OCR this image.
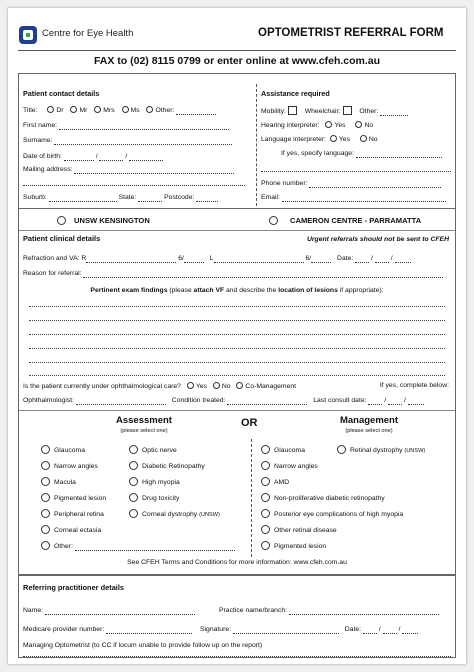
Centre for Eye Health	OPTOMETRIST REFERRAL FORM
FAX to (02) 8115 0799 or enter online at www.cfeh.com.au
Patient contact details
Title:	Dr Mr Mrs Ms Other:
First name:
Surname:
Date of birth:	/	/
Mailing address:
Suburb:	State:	Postcode:
Assistance required
Mobility:	Wheelchair:	Other:
Hearing interpreter: Yes	No
Language interpreter: Yes	No
If yes, specify language:
Phone number:
Email:
UNSW KENSINGTON	CAMERON CENTRE - PARRAMATTA
Patient clinical details	Urgent referrals should not be sent to CFEH
Refraction and VA: R	6/	L	6/	Date:  /  /
Reason for referral:
Pertinent exam findings (please attach VF and describe the location of lesions if appropriate):
Is the patient currently under ophthalmological care? Yes No Co-Management	If yes, complete below:
Ophthalmologist:	Condition treated:	Last consult date:  /  /
Assessment
(please select one)
OR	Management
(please select one)
Glaucoma
Narrow angles
Macula
Pigmented lesion
Peripheral retina
Corneal ectasia
Other:
Optic nerve
Diabetic Retinopathy
High myopia
Drug toxicity
Corneal dystrophy (UNSW)
Glaucoma	Retinal dystrophy (UNSW)
Narrow angles
AMD
Non-proliferative diabetic retinopathy
Posterior eye complications of high myopia
Other retinal disease
Pigmented lesion
See CFEH Terms and Conditions for more information: www.cfeh.com.au
Referring practitioner details
Name:	Practice name/branch:
Medicare provider number:	Signature:	Date:  /  /
Managing Optometrist (to CC if locum unable to provide follow up on the report)
